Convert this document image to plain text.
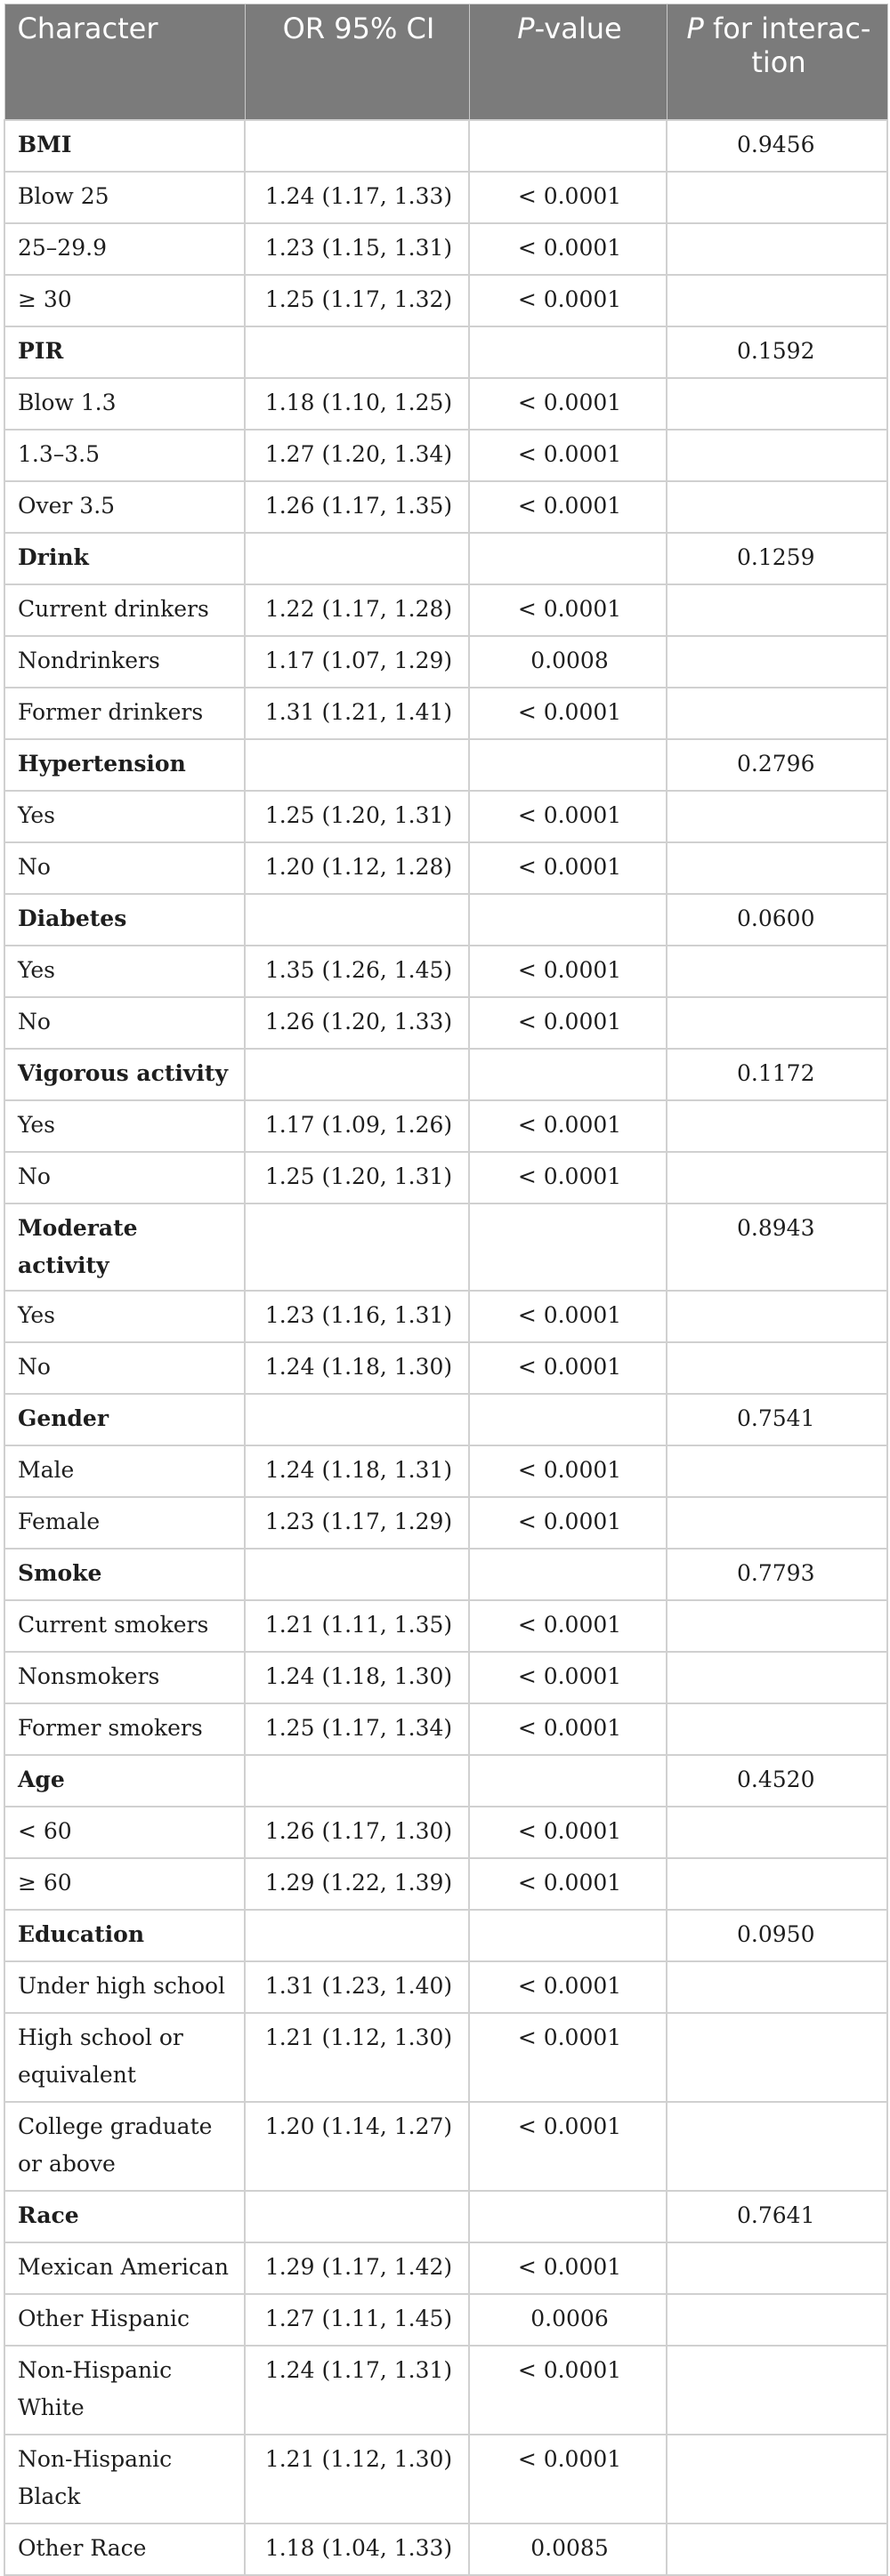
Character	OR 95% CI	P-value	P for interac-tion
BMI			0.9456
Blow 25	1.24 (1.17, 1.33)	< 0.0001	
25–29.9	1.23 (1.15, 1.31)	< 0.0001	
≥ 30	1.25 (1.17, 1.32)	< 0.0001	
PIR			0.1592
Blow 1.3	1.18 (1.10, 1.25)	< 0.0001	
1.3–3.5	1.27 (1.20, 1.34)	< 0.0001	
Over 3.5	1.26 (1.17, 1.35)	< 0.0001	
Drink			0.1259
Current drinkers	1.22 (1.17, 1.28)	< 0.0001	
Nondrinkers	1.17 (1.07, 1.29)	0.0008	
Former drinkers	1.31 (1.21, 1.41)	< 0.0001	
Hypertension			0.2796
Yes	1.25 (1.20, 1.31)	< 0.0001	
No	1.20 (1.12, 1.28)	< 0.0001	
Diabetes			0.0600
Yes	1.35 (1.26, 1.45)	< 0.0001	
No	1.26 (1.20, 1.33)	< 0.0001	
Vigorous activity			0.1172
Yes	1.17 (1.09, 1.26)	< 0.0001	
No	1.25 (1.20, 1.31)	< 0.0001	
Moderate activity			0.8943
Yes	1.23 (1.16, 1.31)	< 0.0001	
No	1.24 (1.18, 1.30)	< 0.0001	
Gender			0.7541
Male	1.24 (1.18, 1.31)	< 0.0001	
Female	1.23 (1.17, 1.29)	< 0.0001	
Smoke			0.7793
Current smokers	1.21 (1.11, 1.35)	< 0.0001	
Nonsmokers	1.24 (1.18, 1.30)	< 0.0001	
Former smokers	1.25 (1.17, 1.34)	< 0.0001	
Age			0.4520
< 60	1.26 (1.17, 1.30)	< 0.0001	
≥ 60	1.29 (1.22, 1.39)	< 0.0001	
Education			0.0950
Under high school	1.31 (1.23, 1.40)	< 0.0001	
High school or equivalent	1.21 (1.12, 1.30)	< 0.0001	
College graduate or above	1.20 (1.14, 1.27)	< 0.0001	
Race			0.7641
Mexican American	1.29 (1.17, 1.42)	< 0.0001	
Other Hispanic	1.27 (1.11, 1.45)	0.0006	
Non-Hispanic White	1.24 (1.17, 1.31)	< 0.0001	
Non-Hispanic Black	1.21 (1.12, 1.30)	< 0.0001	
Other Race	1.18 (1.04, 1.33)	0.0085	
